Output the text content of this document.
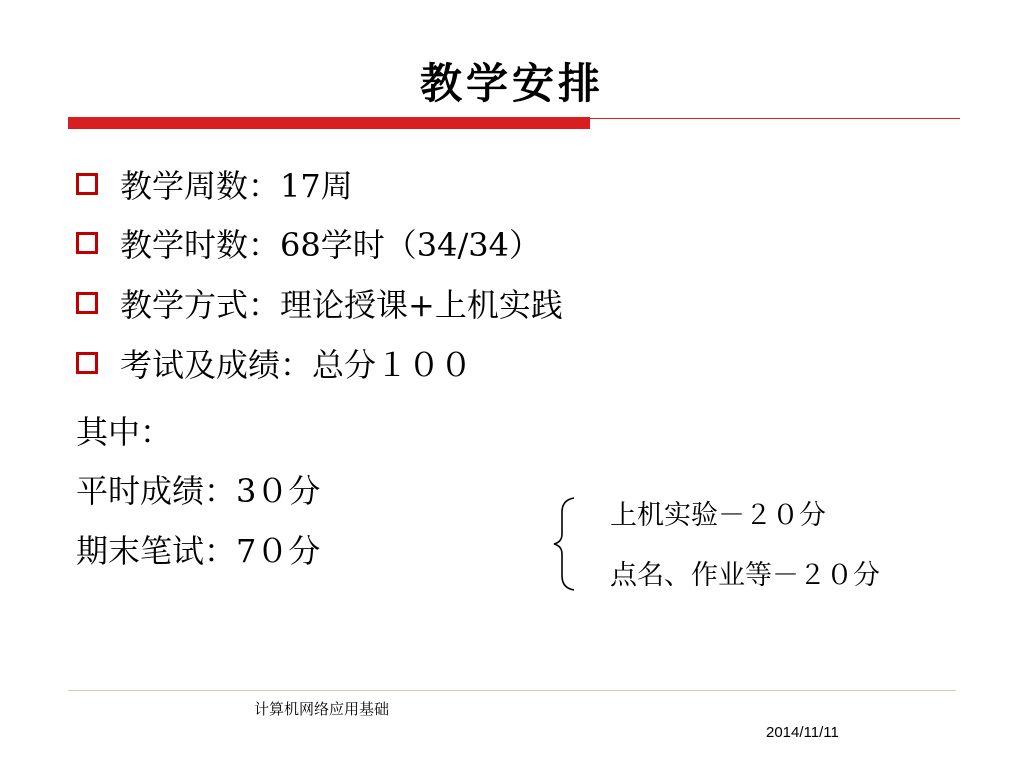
教学安排
教学周数：17周
教学时数：68学时（34/34）
教学方式：理论授课+上机实践
考试及成绩：总分１００
其中：
平时成绩：3０分
期末笔试：7０分
上机实验－２０分
点名、作业等－２０分
计算机网络应用基础
2014/11/11
